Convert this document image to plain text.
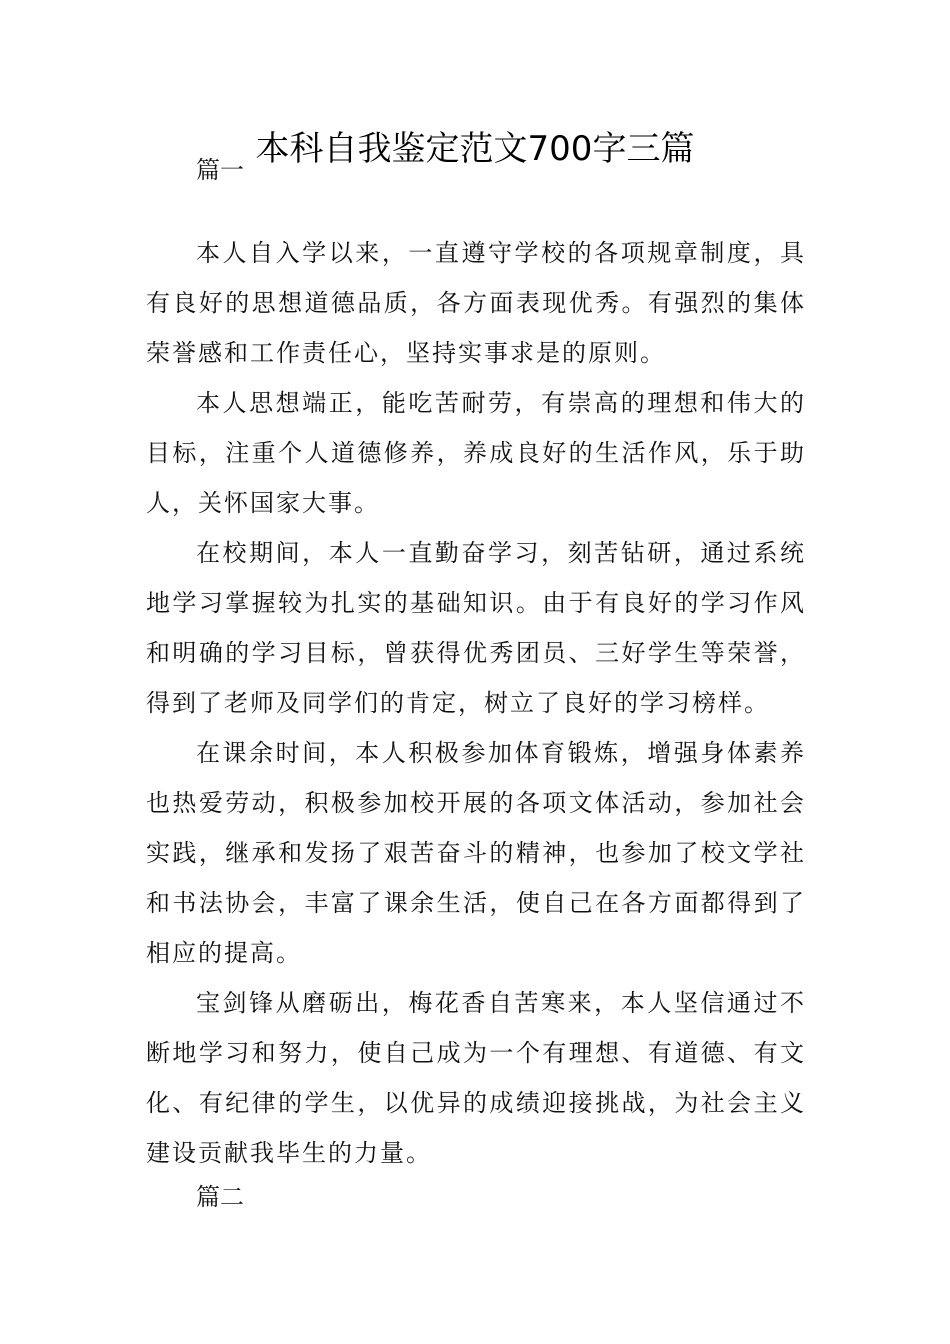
本科自我鉴定范文700字三篇
篇一

本人自入学以来，一直遵守学校的各项规章制度，具有良好的思想道德品质，各方面表现优秀。有强烈的集体荣誉感和工作责任心，坚持实事求是的原则。

本人思想端正，能吃苦耐劳，有崇高的理想和伟大的目标，注重个人道德修养，养成良好的生活作风，乐于助人，关怀国家大事。

在校期间，本人一直勤奋学习，刻苦钻研，通过系统地学习掌握较为扎实的基础知识。由于有良好的学习作风和明确的学习目标，曾获得优秀团员、三好学生等荣誉，得到了老师及同学们的肯定，树立了良好的学习榜样。

在课余时间，本人积极参加体育锻炼，增强身体素养也热爱劳动，积极参加校开展的各项文体活动，参加社会实践，继承和发扬了艰苦奋斗的精神，也参加了校文学社和书法协会，丰富了课余生活，使自己在各方面都得到了相应的提高。

宝剑锋从磨砺出，梅花香自苦寒来，本人坚信通过不断地学习和努力，使自己成为一个有理想、有道德、有文化、有纪律的学生，以优异的成绩迎接挑战，为社会主义建设贡献我毕生的力量。

篇二
